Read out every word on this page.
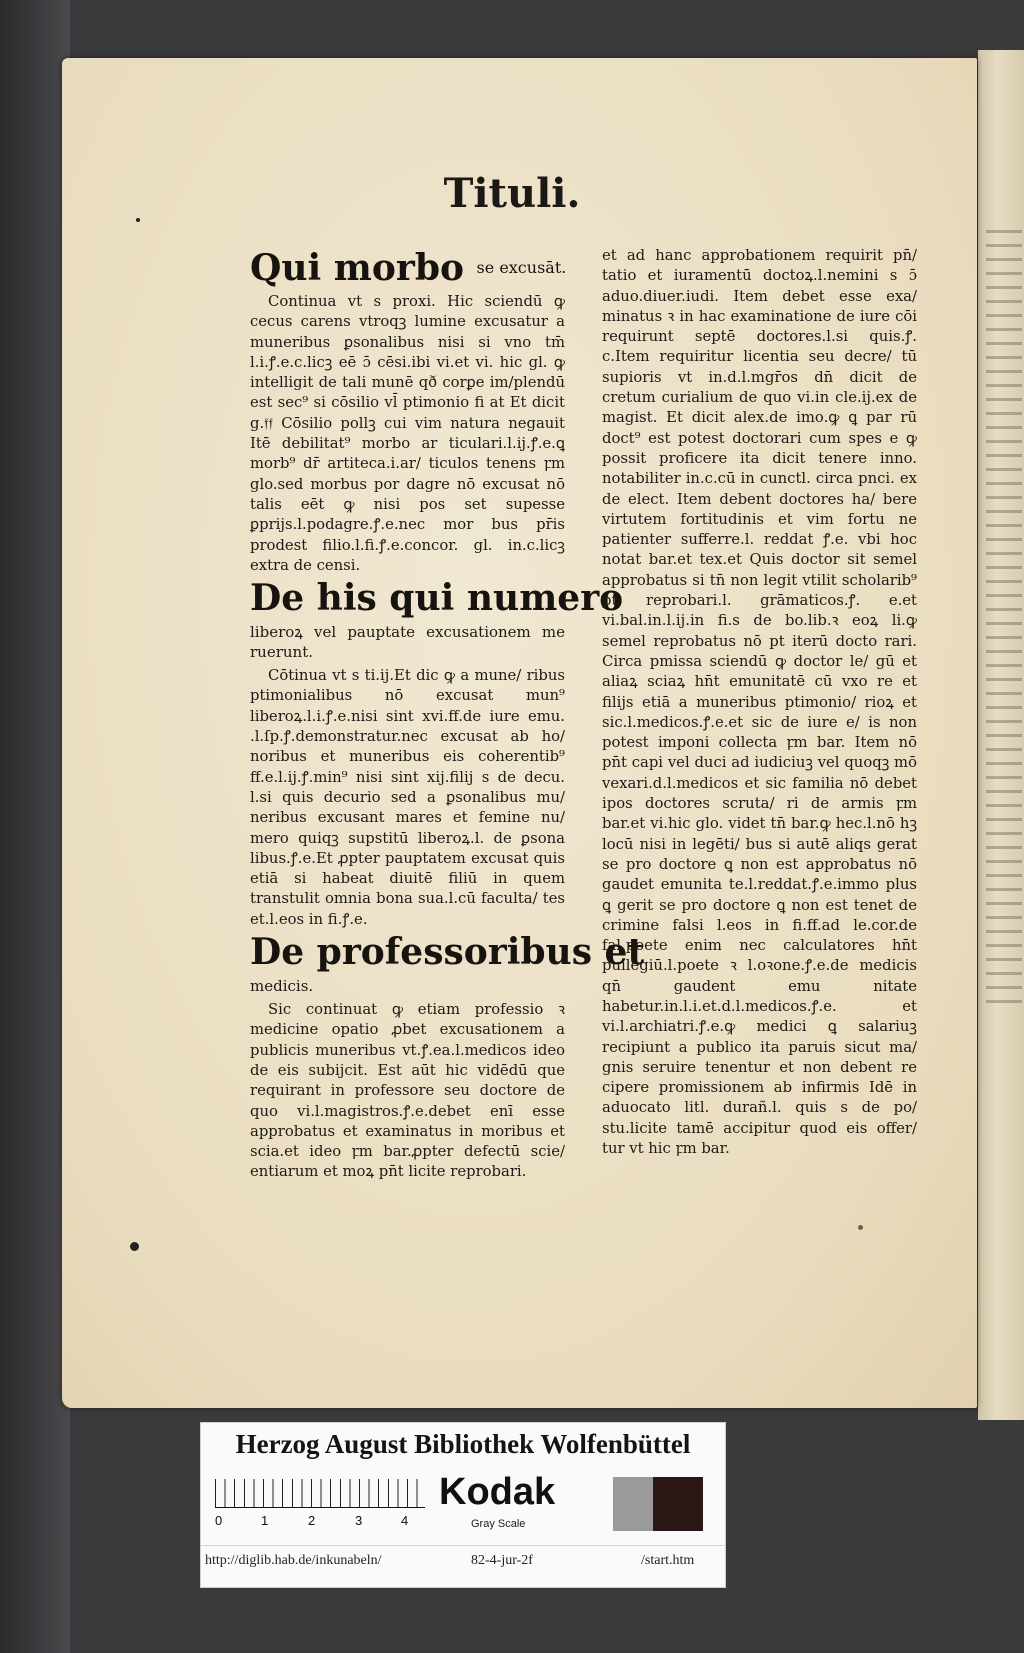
Tituli.
Qui morbo $^{se excusāt.}$
Continua vt s proxi. Hic sciendū ꝙ cecus carens vtroqꝫ lumine excusatur a muneribus ꝑsonalibus nisi si vno tm̄ l.i.ꝭ.e.c.licꝫ eē ɔ̄ cēsi.ibi vi.et vi. hic gl. ꝙ intelligit de tali munē qð corꝑe im/plendū est sec⁹ si cōsilio vl̄ ptimonio fi at Et dicit g.𝔣𝔣 Cōsilio pollꝫ cui vim natura negauit Itē debilitat⁹ morbo ar ticulari.l.ij.ꝭ.e.ꝗ morb⁹ dr̄ artiteca.i.ar/ ticulos tenens ꝼm glo.sed morbus por dagre nō excusat nō talis eēt ꝙ nisi pos set supesse ꝑprijs.l.podagre.ꝭ.e.nec mor bus pr̄is prodest filio.l.fi.ꝭ.e.concor. gl. in.c.licꝫ extra de censi.
De his qui numero
liberoꝝ vel pauptate excusationem me ruerunt.
Cōtinua vt s ti.ij.Et dic ꝙ a mune/ ribus ptimonialibus nō excusat mun⁹ liberoꝝ.l.i.ꝭ.e.nisi sint xvi.ff.de iure emu. .l.ſp.ꝭ.demonstratur.nec excusat ab ho/ noribus et muneribus eis coherentib⁹ ff.e.l.ij.ꝭ.min⁹ nisi sint xij.filij s de decu. l.si quis decurio sed a ꝑsonalibus mu/ neribus excusant mares et femine nu/ mero quiqꝫ supstitū liberoꝝ.l. de ꝑsona libus.ꝭ.e.Et ꝓpter pauptatem excusat quis etiā si habeat diuitē filiū in quem transtulit omnia bona sua.l.cū faculta/ tes et.l.eos in fi.ꝭ.e.
De professoribus et
medicis.
Sic continuat ꝙ etiam professio ꝛ medicine opatio ꝓbet excusationem a publicis muneribus vt.ꝭ.ea.l.medicos ideo de eis subijcit. Est aūt hic vidēdū que requirant in professore seu doctore de quo vi.l.magistros.ꝭ.e.debet enī esse approbatus et examinatus in moribus et scia.et ideo ꝼm bar.ꝓpter defectū scie/ entiarum et moꝝ pn̄t licite reprobari.
et ad hanc approbationem requirit pn̄/ tatio et iuramentū doctoꝝ.l.nemini s ɔ̄ aduo.diuer.iudi. Item debet esse exa/ minatus ꝛ in hac examinatione de iure cōi requirunt septē doctores.l.si quis.ꝭ. c.Item requiritur licentia seu decre/ tū supioris vt in.d.l.mgr̄os dn̄ dicit de cretum curialium de quo vi.in cle.ij.ex de magist. Et dicit alex.de imo.ꝙ ꝗ par rū doct⁹ est potest doctorari cum spes e ꝙ possit proficere ita dicit tenere inno. notabiliter in.c.cū in cunctl. circa pnci. ex de elect. Item debent doctores ha/ bere virtutem fortitudinis et vim fortu ne patienter sufferre.l. reddat ꝭ.e. vbi hoc notat bar.et tex.et Quis doctor sit semel approbatus si tn̄ non legit vtilit scholarib⁹ pt reprobari.l. grāmaticos.ꝭ. e.et vi.bal.in.l.ij.in fi.s de bo.lib.ꝛ eoꝝ li.ꝙ semel reprobatus nō pt iterū docto rari. Circa pmissa sciendū ꝙ doctor le/ gū et aliaꝝ sciaꝝ hn̄t emunitatē cū vxo re et filijs etiā a muneribus ptimonio/ rioꝝ et sic.l.medicos.ꝭ.e.et sic de iure e/ is non potest imponi collecta ꝼm bar. Item nō pn̄t capi vel duci ad iudiciuꝫ vel quoqꝫ mō vexari.d.l.medicos et sic familia nō debet ipos doctores scruta/ ri de armis ꝼm bar.et vi.hic glo. videt tn̄ bar.ꝙ hec.l.nō hꝫ locū nisi in legēti/ bus si autē aliqs gerat se pro doctore ꝗ non est approbatus nō gaudet emunita te.l.reddat.ꝭ.e.immo plus ꝗ gerit se pro doctore ꝗ non est tenet de crimine falsi l.eos in fi.ff.ad le.cor.de fal.poete enim nec calculatores hn̄t puilegiū.l.poete ꝛ l.oꝛone.ꝭ.e.de medicis qn̄ gaudent emu nitate habetur.in.l.i.et.d.l.medicos.ꝭ.e. et vi.l.archiatri.ꝭ.e.ꝙ medici ꝗ salariuꝫ recipiunt a publico ita paruis sicut ma/ gnis seruire tenentur et non debent re cipere promissionem ab infirmis Idē in aduocato litl. durañ.l. quis s de po/ stu.licite tamē accipitur quod eis offer/ tur vt hic ꝼm bar.
Herzog August Bibliothek Wolfenbüttel
0	1	2	3	4
Kodak
Gray Scale
http://diglib.hab.de/inkunabeln/	82-4-jur-2f	/start.htm
